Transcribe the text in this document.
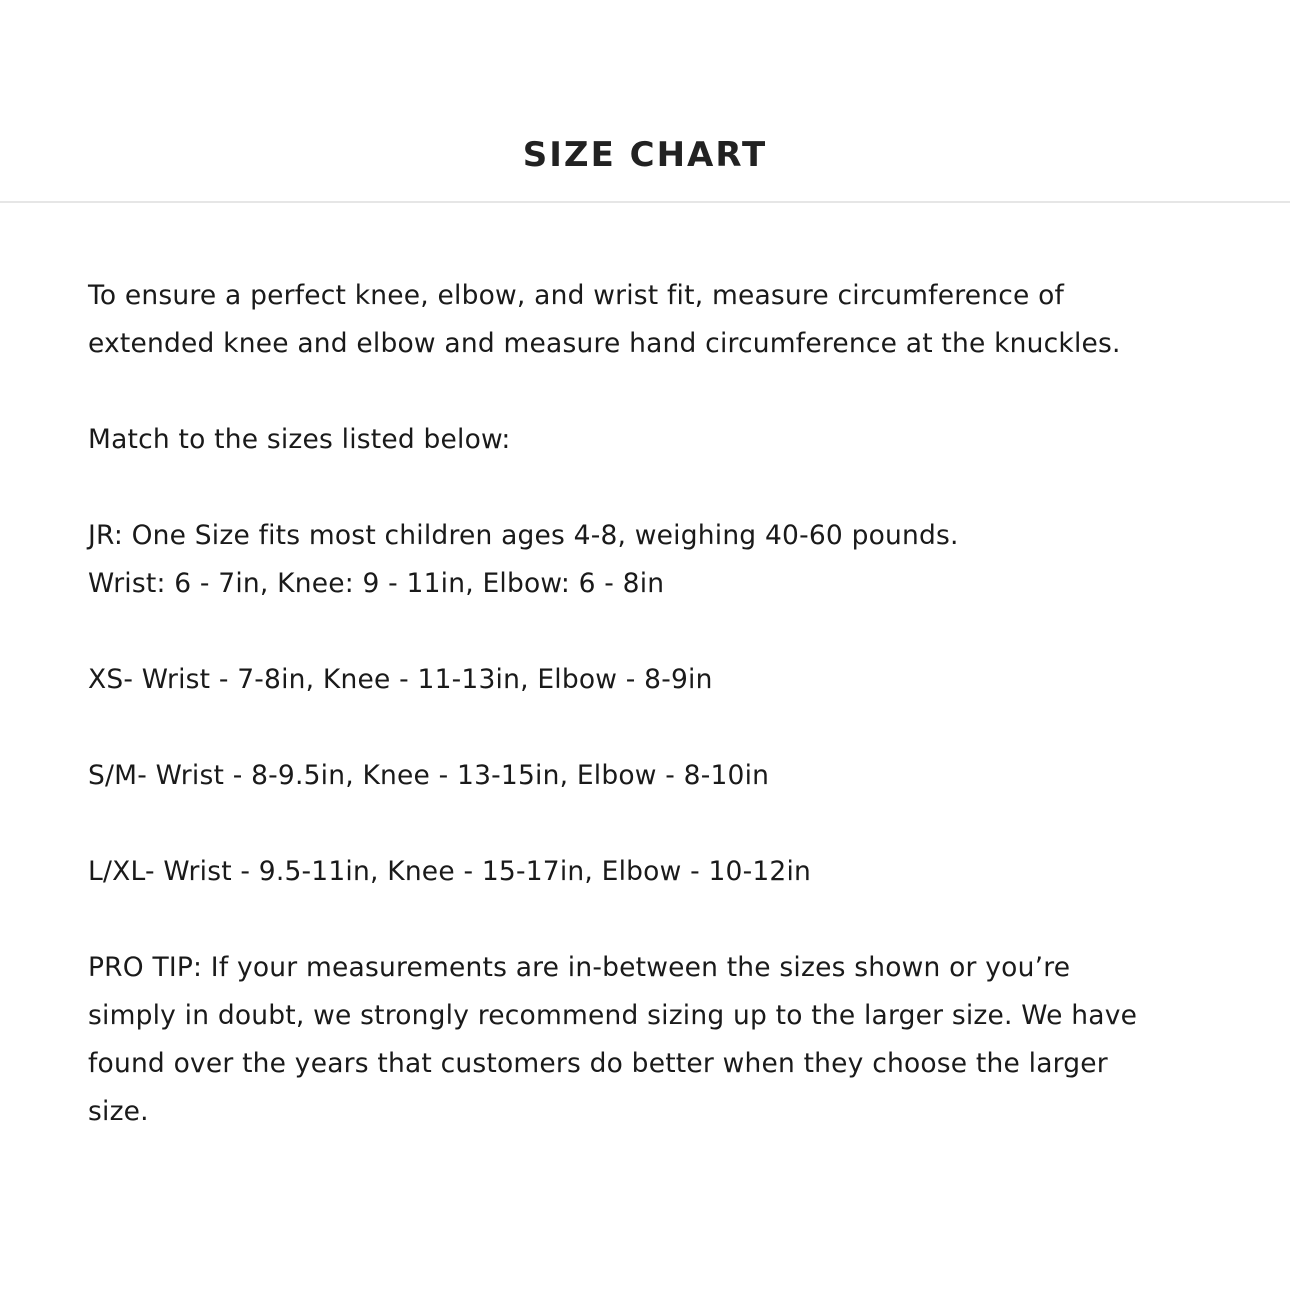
SIZE CHART

To ensure a perfect knee, elbow, and wrist fit, measure circumference of
extended knee and elbow and measure hand circumference at the knuckles.

Match to the sizes listed below:

JR: One Size fits most children ages 4-8, weighing 40-60 pounds.
Wrist: 6 - 7in, Knee: 9 - 11in, Elbow: 6 - 8in

XS- Wrist - 7-8in, Knee - 11-13in, Elbow - 8-9in

S/M- Wrist - 8-9.5in, Knee - 13-15in, Elbow - 8-10in

L/XL- Wrist - 9.5-11in, Knee - 15-17in, Elbow - 10-12in

PRO TIP: If your measurements are in-between the sizes shown or you’re
simply in doubt, we strongly recommend sizing up to the larger size. We have
found over the years that customers do better when they choose the larger
size.
